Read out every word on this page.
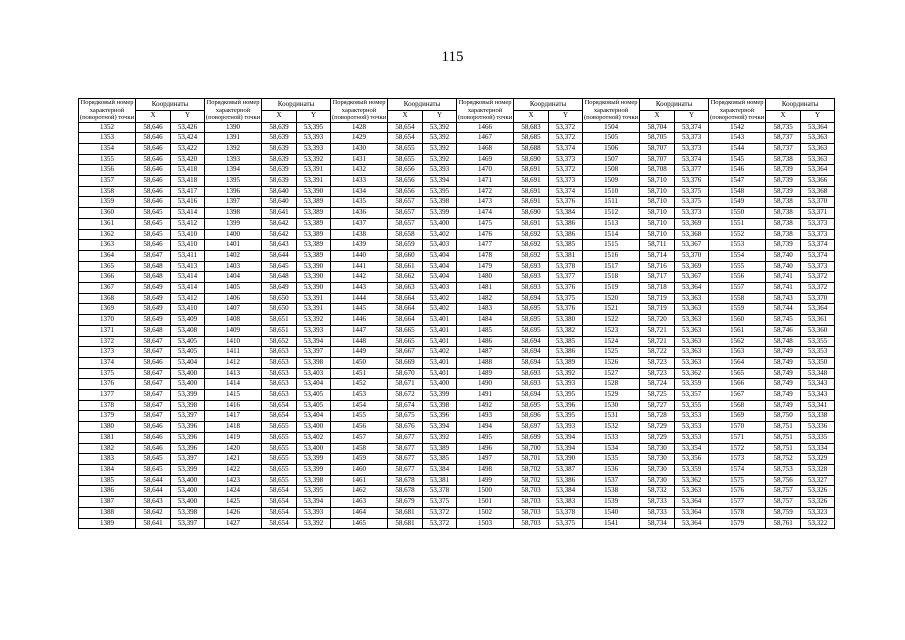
115
Порядковый номер характерной (поворотной) точки	Координаты		Порядковый номер характерной (поворотной) точки	Координаты		Порядковый номер характерной (поворотной) точки	Координаты		Порядковый номер характерной (поворотной) точки	Координаты		Порядковый номер характерной (поворотной) точки	Координаты		Порядковый номер характерной (поворотной) точки	Координаты	
	X	Y		X	Y		X	Y		X	Y		X	Y		X	Y
1352	58,646	53,426	1390	58,639	53,395	1428	58,654	53,392	1466	58,683	53,372	1504	58,704	53,374	1542	58,735	53,364
1353	58,646	53,424	1391	58,639	53,393	1429	58,654	53,392	1467	58,685	53,372	1505	58,705	53,373	1543	58,737	53,363
1354	58,646	53,422	1392	58,639	53,393	1430	58,655	53,392	1468	58,688	53,374	1506	58,707	53,373	1544	58,737	53,363
1355	58,646	53,420	1393	58,639	53,392	1431	58,655	53,392	1469	58,690	53,373	1507	58,707	53,374	1545	58,738	53,363
1356	58,646	53,418	1394	58,639	53,391	1432	58,656	53,393	1470	58,691	53,372	1508	58,708	53,377	1546	58,739	53,364
1357	58,646	53,418	1395	58,639	53,391	1433	58,656	53,394	1471	58,691	53,373	1509	58,710	53,376	1547	58,739	53,366
1358	58,646	53,417	1396	58,640	53,390	1434	58,656	53,395	1472	58,691	53,374	1510	58,710	53,375	1548	58,739	53,368
1359	58,646	53,416	1397	58,640	53,389	1435	58,657	53,398	1473	58,691	53,376	1511	58,710	53,375	1549	58,738	53,370
1360	58,645	53,414	1398	58,641	53,389	1436	58,657	53,399	1474	58,690	53,384	1512	58,710	53,373	1550	58,738	53,371
1361	58,645	53,412	1399	58,642	53,389	1437	58,657	53,400	1475	58,691	53,386	1513	58,710	53,369	1551	58,738	53,373
1362	58,645	53,410	1400	58,642	53,389	1438	58,658	53,402	1476	58,692	53,386	1514	58,710	53,368	1552	58,738	53,373
1363	58,646	53,410	1401	58,643	53,389	1439	58,659	53,403	1477	58,692	53,385	1515	58,711	53,367	1553	58,739	53,374
1364	58,647	53,411	1402	58,644	53,389	1440	58,660	53,404	1478	58,692	53,381	1516	58,714	53,370	1554	58,740	53,374
1365	58,648	53,413	1403	58,645	53,390	1441	58,661	53,404	1479	58,693	53,378	1517	58,716	53,369	1555	58,740	53,373
1366	58,648	53,414	1404	58,648	53,390	1442	58,662	53,404	1480	58,693	53,377	1518	58,717	53,367	1556	58,741	53,372
1367	58,649	53,414	1405	58,649	53,390	1443	58,663	53,403	1481	58,693	53,376	1519	58,718	53,364	1557	58,741	53,372
1368	58,649	53,412	1406	58,650	53,391	1444	58,664	53,402	1482	58,694	53,375	1520	58,719	53,363	1558	58,743	53,370
1369	58,649	53,410	1407	58,650	53,391	1445	58,664	53,402	1483	58,695	53,376	1521	58,719	53,363	1559	58,744	53,364
1370	58,649	53,409	1408	58,651	53,392	1446	58,664	53,401	1484	58,695	53,380	1522	58,720	53,363	1560	58,745	53,361
1371	58,648	53,408	1409	58,651	53,393	1447	58,665	53,401	1485	58,695	53,382	1523	58,721	53,363	1561	58,746	53,360
1372	58,647	53,405	1410	58,652	53,394	1448	58,665	53,401	1486	58,694	53,385	1524	58,721	53,363	1562	58,748	53,355
1373	58,647	53,405	1411	58,653	53,397	1449	58,667	53,402	1487	58,694	53,386	1525	58,722	53,363	1563	58,749	53,353
1374	58,646	53,404	1412	58,653	53,398	1450	58,669	53,401	1488	58,694	53,389	1526	58,723	53,363	1564	58,749	53,350
1375	58,647	53,400	1413	58,653	53,403	1451	58,670	53,401	1489	58,693	53,392	1527	58,723	53,362	1565	58,749	53,348
1376	58,647	53,400	1414	58,653	53,404	1452	58,671	53,400	1490	58,693	53,393	1528	58,724	53,359	1566	58,749	53,343
1377	58,647	53,399	1415	58,653	53,405	1453	58,672	53,399	1491	58,694	53,395	1529	58,725	53,357	1567	58,749	53,343
1378	58,647	53,398	1416	58,654	53,405	1454	58,674	53,398	1492	58,695	53,396	1530	58,727	53,355	1568	58,749	53,341
1379	58,647	53,397	1417	58,654	53,404	1455	58,675	53,396	1493	58,696	53,395	1531	58,728	53,353	1569	58,750	53,338
1380	58,646	53,396	1418	58,655	53,400	1456	58,676	53,394	1494	58,697	53,393	1532	58,729	53,353	1570	58,751	53,336
1381	58,646	53,396	1419	58,655	53,402	1457	58,677	53,392	1495	58,699	53,394	1533	58,729	53,353	1571	58,751	53,335
1382	58,646	53,396	1420	58,655	53,400	1458	58,677	53,389	1496	58,700	53,394	1534	58,730	53,354	1572	58,751	53,334
1383	58,645	53,397	1421	58,655	53,399	1459	58,677	53,385	1497	58,701	53,390	1535	58,730	53,356	1573	58,752	53,329
1384	58,645	53,399	1422	58,655	53,399	1460	58,677	53,384	1498	58,702	53,387	1536	58,730	53,359	1574	58,753	53,328
1385	58,644	53,400	1423	58,655	53,398	1461	58,678	53,381	1499	58,702	53,386	1537	58,730	53,362	1575	58,756	53,327
1386	58,644	53,400	1424	58,654	53,395	1462	58,678	53,378	1500	58,703	53,384	1538	58,732	53,363	1576	58,757	53,326
1387	58,643	53,400	1425	58,654	53,394	1463	58,679	53,375	1501	58,703	53,383	1539	58,733	53,364	1577	58,757	53,326
1388	58,642	53,398	1426	58,654	53,393	1464	58,681	53,372	1502	58,703	53,378	1540	58,733	53,364	1578	58,759	53,323
1389	58,641	53,397	1427	58,654	53,392	1465	58,681	53,372	1503	58,703	53,375	1541	58,734	53,364	1579	58,761	53,322
